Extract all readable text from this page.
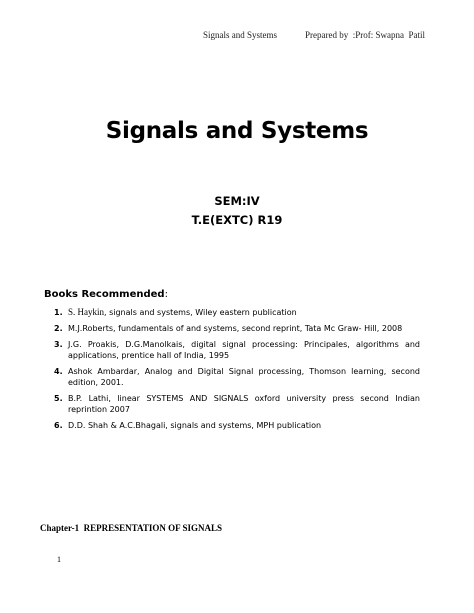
Signals and Systems	Prepared by  :Prof: Swapna  Patil
Signals and Systems
SEM:IV
T.E(EXTC) R19
Books Recommended:
1. S. Haykin, signals and systems, Wiley eastern publication
2. M.J.Roberts, fundamentals of and systems, second reprint, Tata Mc Graw- Hill, 2008
3. J.G. Proakis, D.G.Manolkais, digital signal processing: Principales, algorithms and applications, prentice hall of India, 1995
4. Ashok Ambardar, Analog and Digital Signal processing, Thomson learning, second edition, 2001.
5. B.P. Lathi, linear SYSTEMS AND SIGNALS oxford university press second Indian reprintion 2007
6. D.D. Shah & A.C.Bhagali, signals and systems, MPH publication
Chapter-1  REPRESENTATION OF SIGNALS
1
